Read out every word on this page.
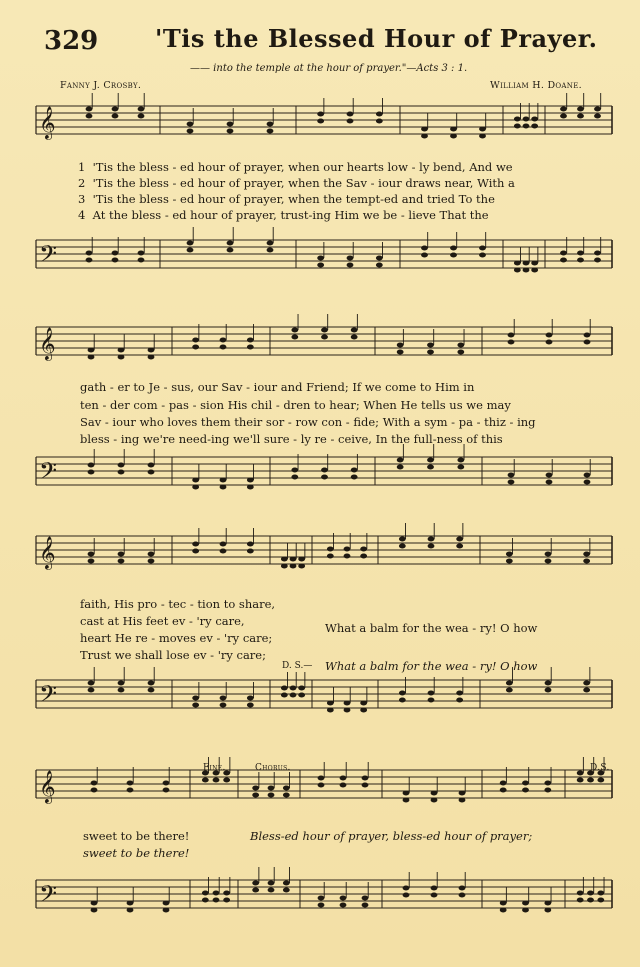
329 'Tis the Blessed Hour of Prayer.
—— into the temple at the hour of prayer."—Acts 3 : 1.
Fanny J. Crosby.	William H. Doane.
𝄞
𝄢
𝄞
𝄢
𝄞
𝄢
𝄞
𝄢
1 'Tis the bless - ed hour of prayer, when our hearts low - ly bend, And we
2 'Tis the bless - ed hour of prayer, when the Sav - iour draws near, With a
3 'Tis the bless - ed hour of prayer, when the tempt-ed and tried To the
4 At the bless - ed hour of prayer, trust-ing Him we be - lieve That the
gath - er to Je - sus, our Sav - iour and Friend; If we come to Him in
ten - der com - pas - sion His chil - dren to hear; When He tells us we may
Sav - iour who loves them their sor - row con - fide; With a sym - pa - thiz - ing
bless - ing we're need-ing we'll sure - ly re - ceive, In the full-ness of this
faith, His pro - tec - tion to share,
cast at His feet ev - 'ry care,
heart He re - moves ev - 'ry care;
Trust we shall lose ev - 'ry care;
What a balm for the wea - ry! O how
D. S.— What a balm for the wea - ry! O how
Fine.	Chorus.	D.S.
sweet to be there!	Bless-ed hour of prayer, bless-ed hour of prayer;
sweet to be there!
